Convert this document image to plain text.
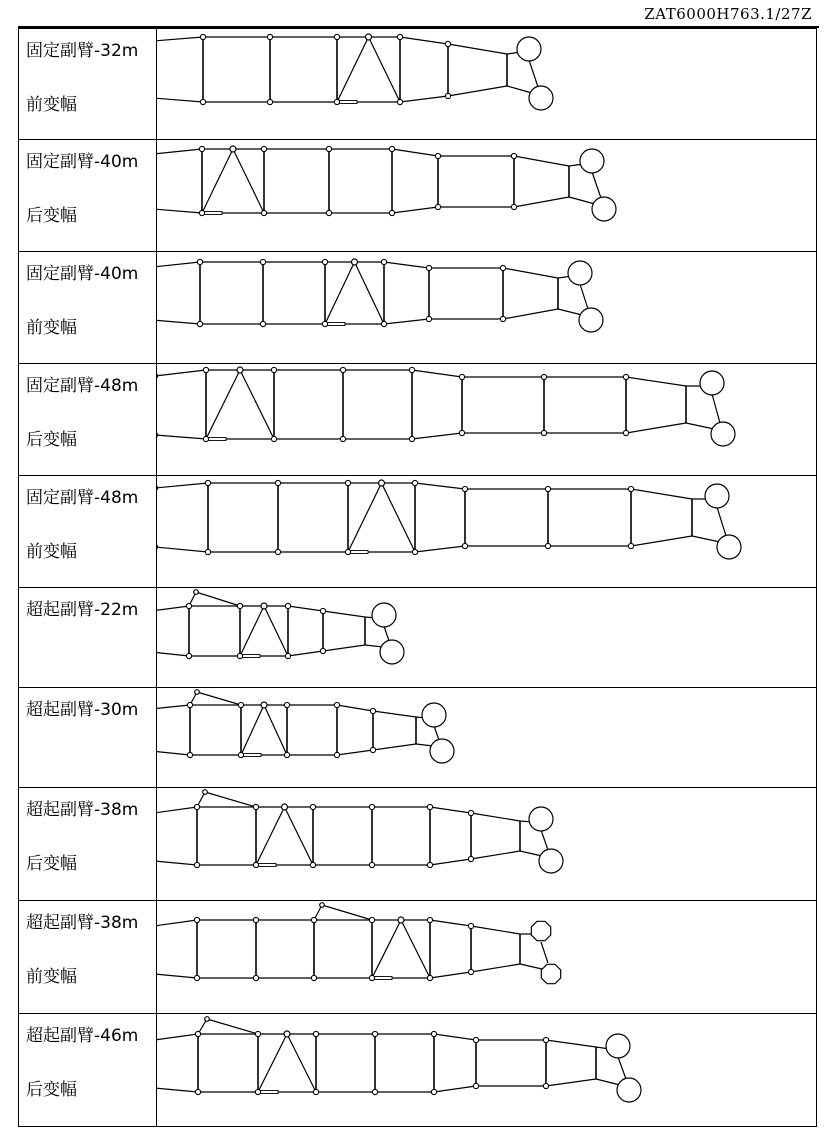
ZAT6000H763.1/27Z
固定副臂-32m
前变幅

固定副臂-40m
后变幅

固定副臂-40m
前变幅

固定副臂-48m
后变幅

固定副臂-48m
前变幅

超起副臂-22m

超起副臂-30m

超起副臂-38m
后变幅

超起副臂-38m
前变幅

超起副臂-46m
后变幅
